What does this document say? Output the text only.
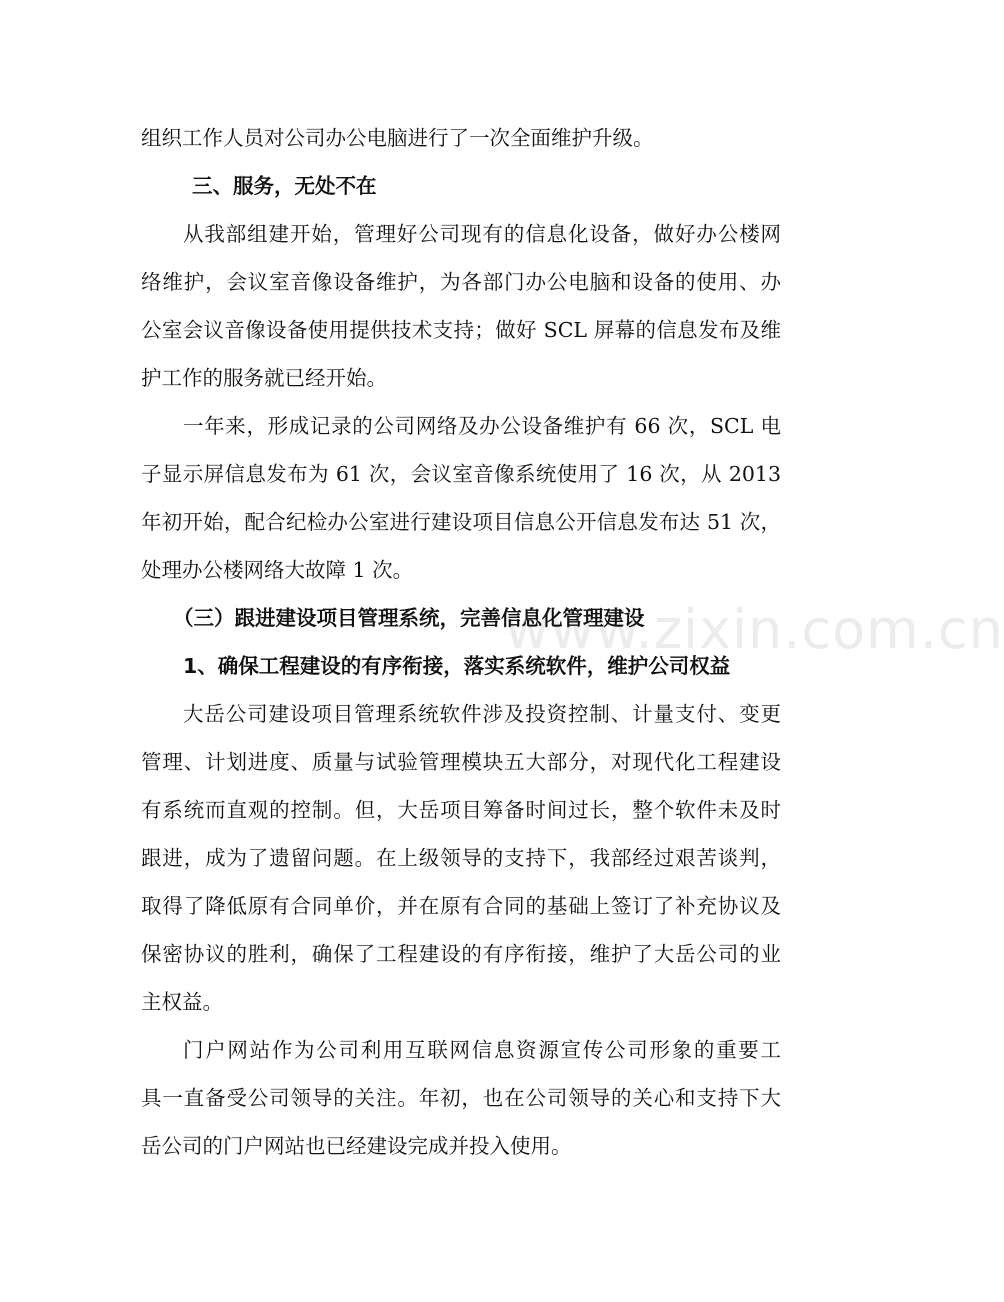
www.zixin.com.cn
组织工作人员对公司办公电脑进行了一次全面维护升级。
三、服务，无处不在
从我部组建开始，管理好公司现有的信息化设备，做好办公楼网
络维护，会议室音像设备维护，为各部门办公电脑和设备的使用、办
公室会议音像设备使用提供技术支持；做好 SCL 屏幕的信息发布及维
护工作的服务就已经开始。
一年来，形成记录的公司网络及办公设备维护有 66 次，SCL 电
子显示屏信息发布为 61 次，会议室音像系统使用了 16 次，从 2013
年初开始，配合纪检办公室进行建设项目信息公开信息发布达 51 次，
处理办公楼网络大故障 1 次。
（三）跟进建设项目管理系统，完善信息化管理建设
1、确保工程建设的有序衔接，落实系统软件，维护公司权益
大岳公司建设项目管理系统软件涉及投资控制、计量支付、变更
管理、计划进度、质量与试验管理模块五大部分，对现代化工程建设
有系统而直观的控制。但，大岳项目筹备时间过长，整个软件未及时
跟进，成为了遗留问题。在上级领导的支持下，我部经过艰苦谈判，
取得了降低原有合同单价，并在原有合同的基础上签订了补充协议及
保密协议的胜利，确保了工程建设的有序衔接，维护了大岳公司的业
主权益。
门户网站作为公司利用互联网信息资源宣传公司形象的重要工
具一直备受公司领导的关注。年初，也在公司领导的关心和支持下大
岳公司的门户网站也已经建设完成并投入使用。
